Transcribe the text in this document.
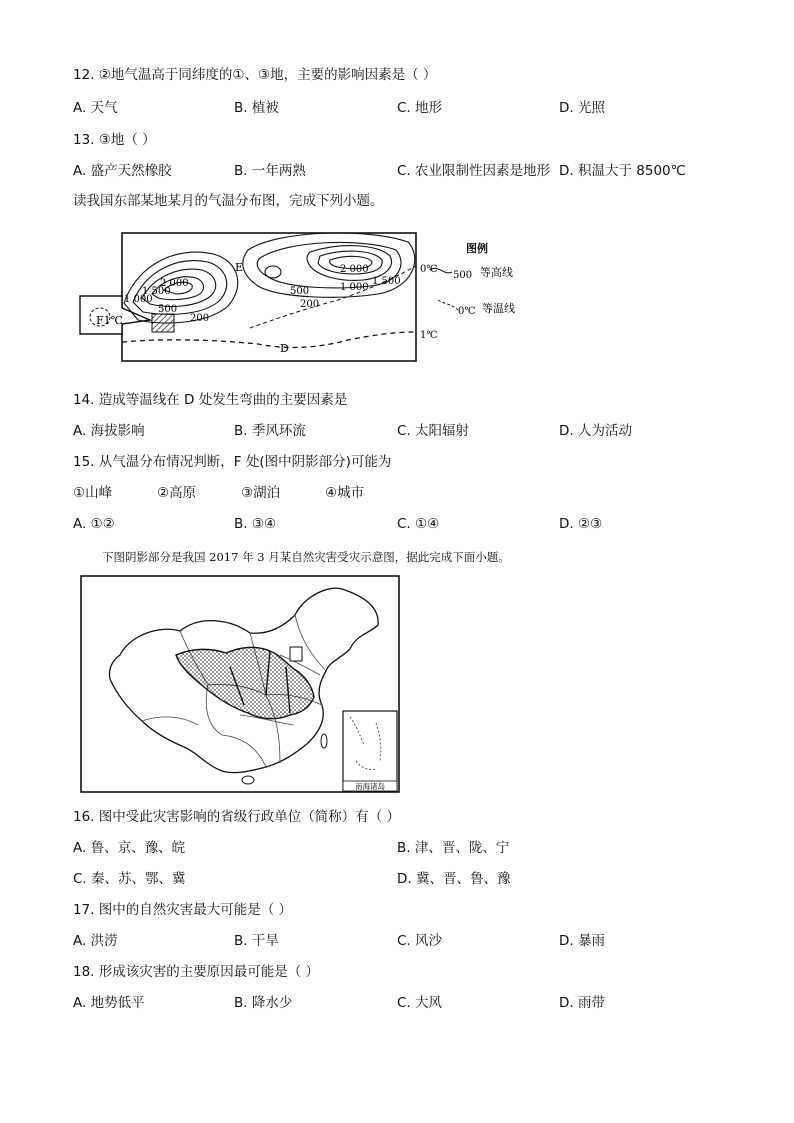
12. ②地气温高于同纬度的①、③地，主要的影响因素是（ ）
A. 天气	B. 植被	C. 地形	D. 光照
13. ③地（ ）
A. 盛产天然橡胶	B. 一年两熟	C. 农业限制性因素是地形 D. 积温大于 8500℃
读我国东部某地某月的气温分布图，完成下列小题。
F1℃
2 000
1 500
1 000
500
200
2 000
1 500
1 000
500
200
E
D
0℃
1℃
图例
500 等高线
0℃ 等温线
14. 造成等温线在 D 处发生弯曲的主要因素是
A. 海拔影响	B. 季风环流	C. 太阳辐射	D. 人为活动
15. 从气温分布情况判断，F 处(图中阴影部分)可能为
①山峰	②高原	③湖泊	④城市
A. ①②	B. ③④	C. ①④	D. ②③
下图阴影部分是我国 2017 年 3 月某自然灾害受灾示意图，据此完成下面小题。
南海诸岛
16. 图中受此灾害影响的省级行政单位（简称）有（ ）
A. 鲁、京、豫、皖	B. 津、晋、陇、宁
C. 秦、苏、鄂、冀	D. 冀、晋、鲁、豫
17. 图中的自然灾害最大可能是（ ）
A. 洪涝	B. 干旱	C. 风沙	D. 暴雨
18. 形成该灾害的主要原因最可能是（ ）
A. 地势低平	B. 降水少	C. 大风	D. 雨带
